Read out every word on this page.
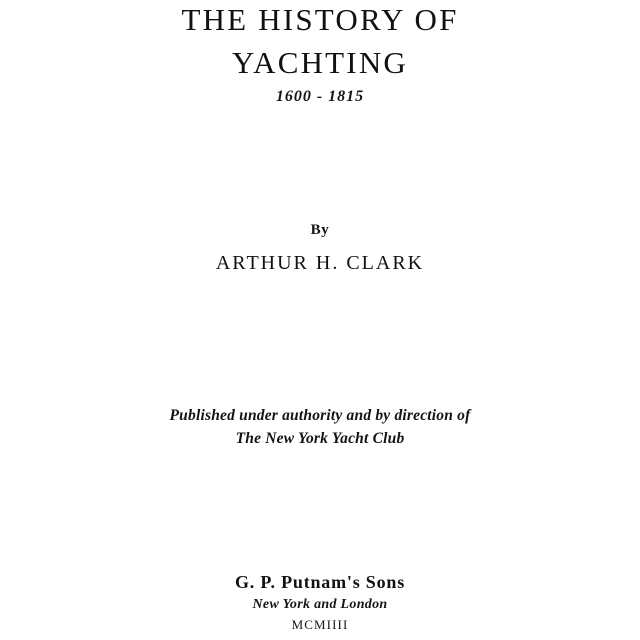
THE HISTORY OF
YACHTING
1600 - 1815
By
ARTHUR H. CLARK
Published under authority and by direction of
The New York Yacht Club
G. P. Putnam's Sons
New York and London
MCMIIII
